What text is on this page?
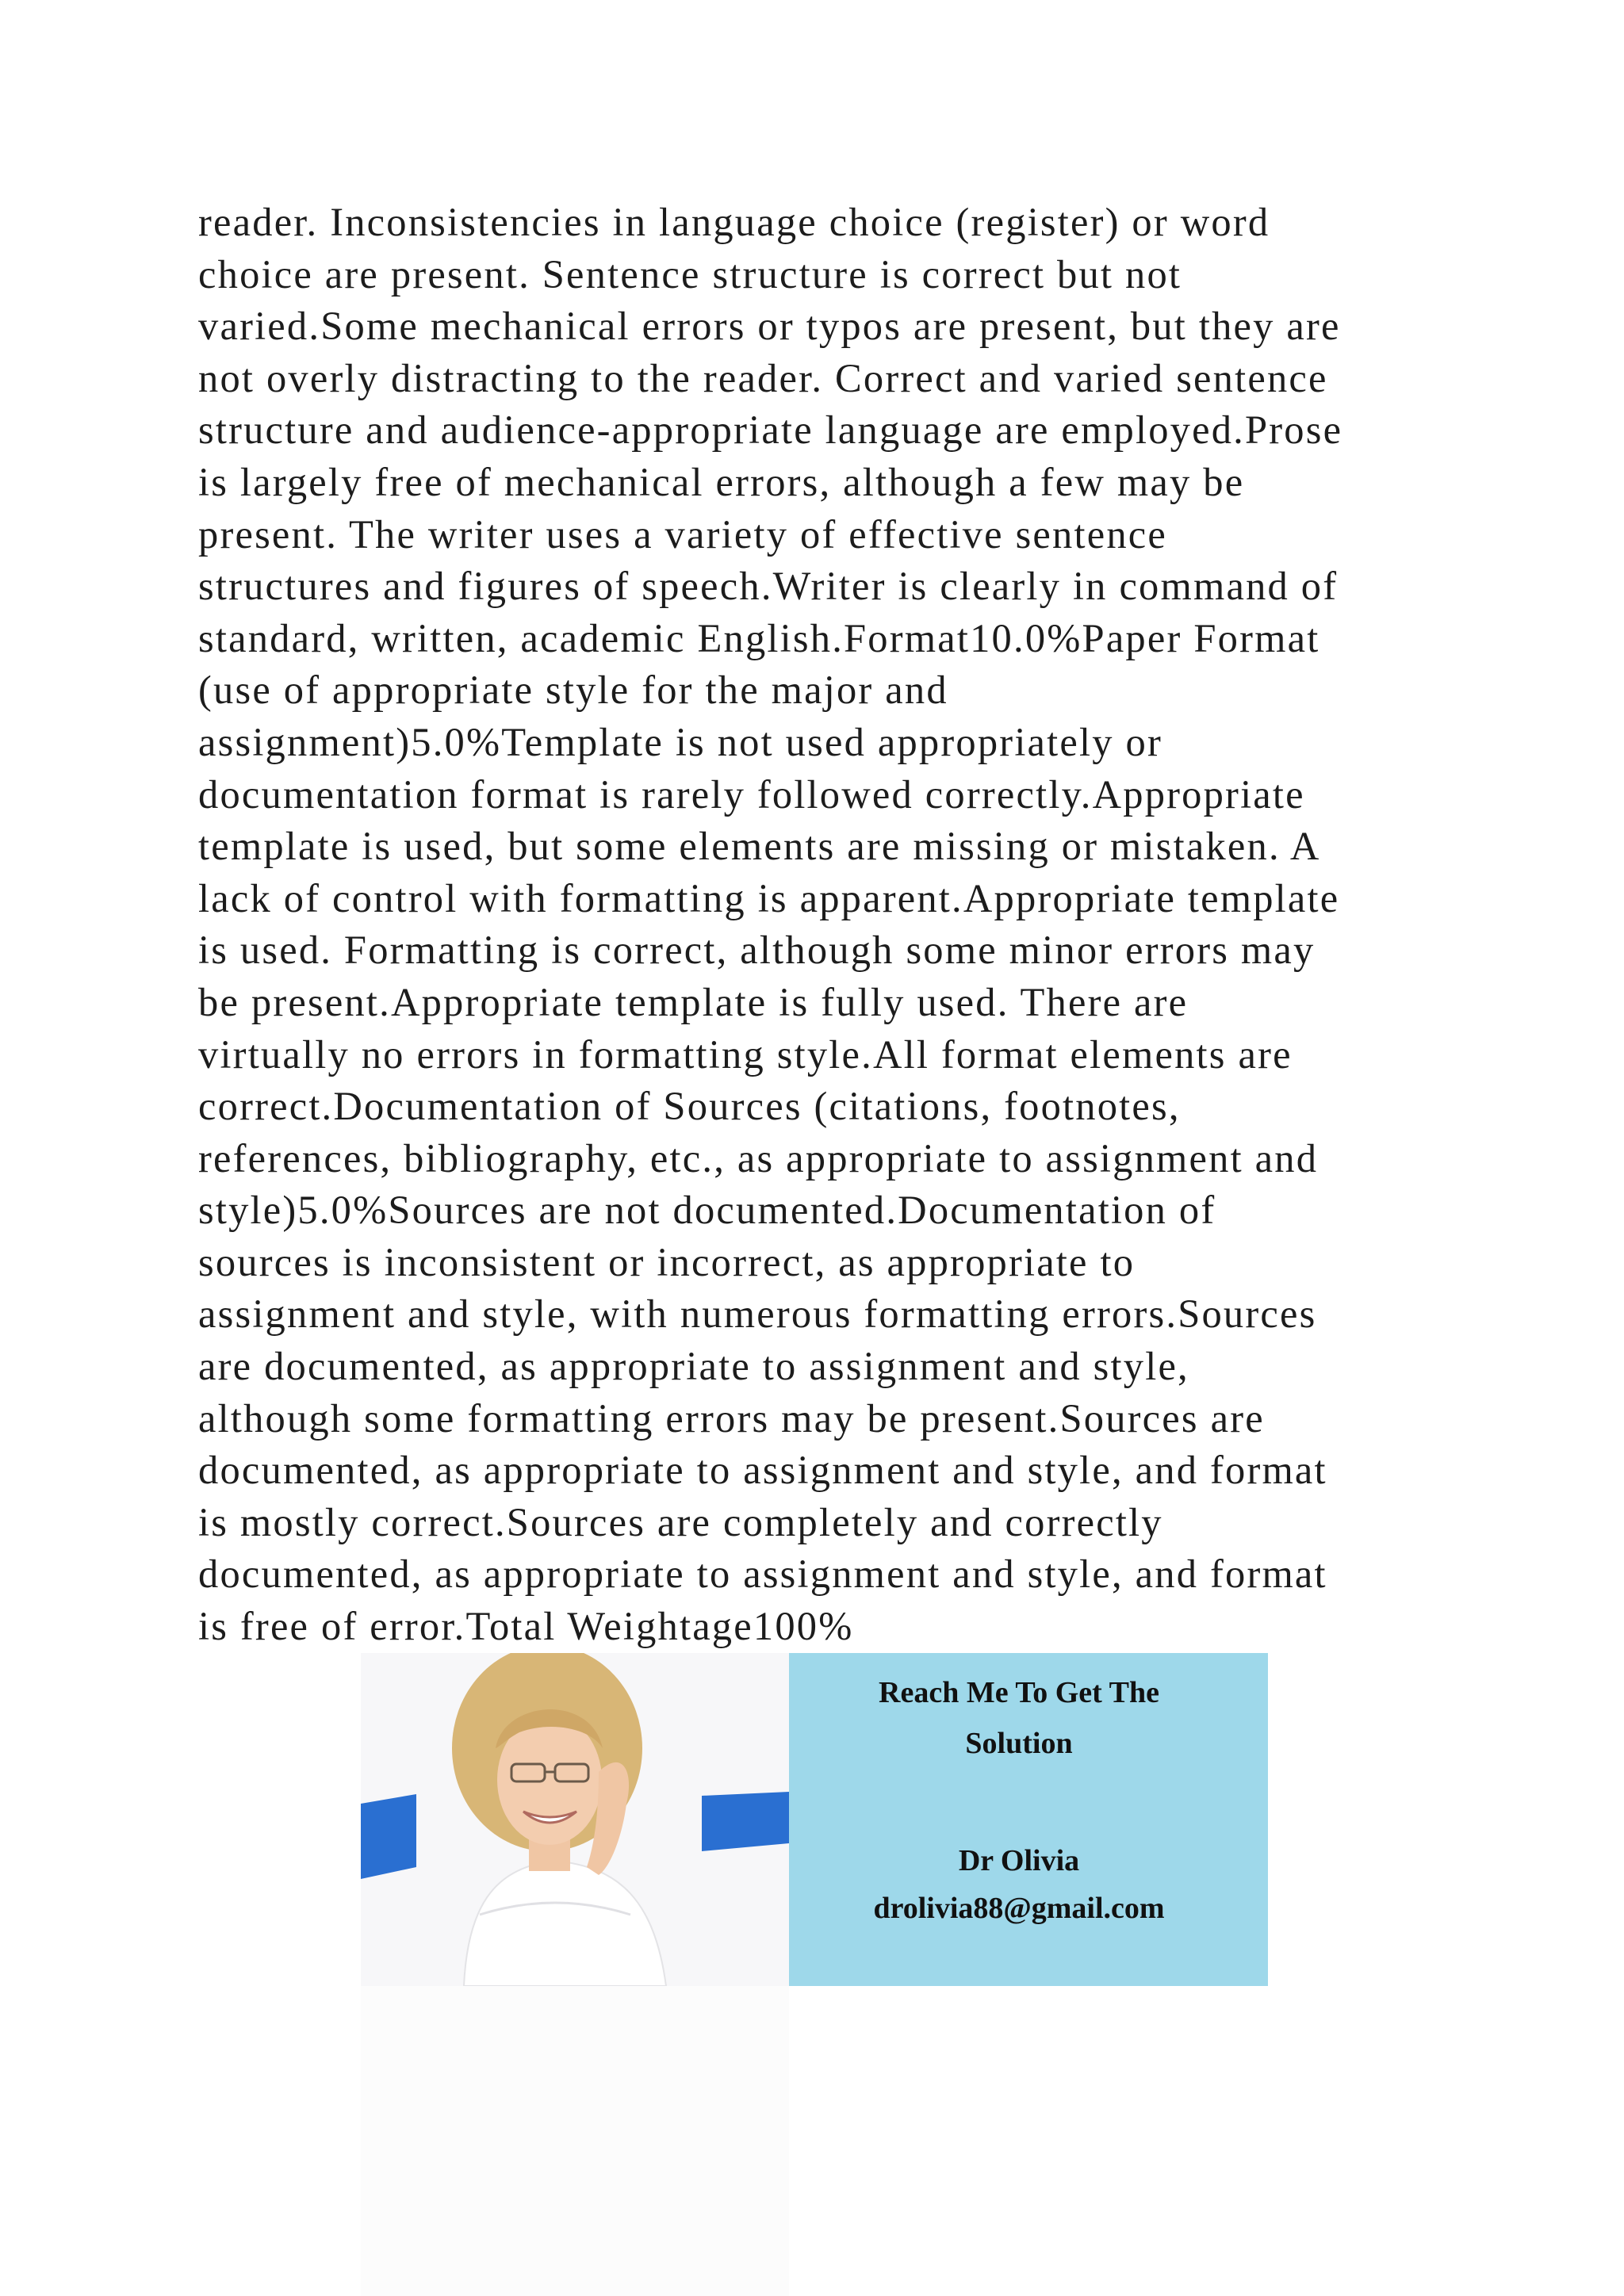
reader. Inconsistencies in language choice (register) or word
choice are present. Sentence structure is correct but not
varied.Some mechanical errors or typos are present, but they are
not overly distracting to the reader. Correct and varied sentence
structure and audience-appropriate language are employed.Prose
is largely free of mechanical errors, although a few may be
present. The writer uses a variety of effective sentence
structures and figures of speech.Writer is clearly in command of
standard, written, academic English.Format10.0%Paper Format
(use of appropriate style for the major and
assignment)5.0%Template is not used appropriately or
documentation format is rarely followed correctly.Appropriate
template is used, but some elements are missing or mistaken. A
lack of control with formatting is apparent.Appropriate template
is used. Formatting is correct, although some minor errors may
be present.Appropriate template is fully used. There are
virtually no errors in formatting style.All format elements are
correct.Documentation of Sources (citations, footnotes,
references, bibliography, etc., as appropriate to assignment and
style)5.0%Sources are not documented.Documentation of
sources is inconsistent or incorrect, as appropriate to
assignment and style, with numerous formatting errors.Sources
are documented, as appropriate to assignment and style,
although some formatting errors may be present.Sources are
documented, as appropriate to assignment and style, and format
is mostly correct.Sources are completely and correctly
documented, as appropriate to assignment and style, and format
is free of error.Total Weightage100%

Reach Me To Get The

Solution

Dr Olivia

drolivia88@gmail.com
